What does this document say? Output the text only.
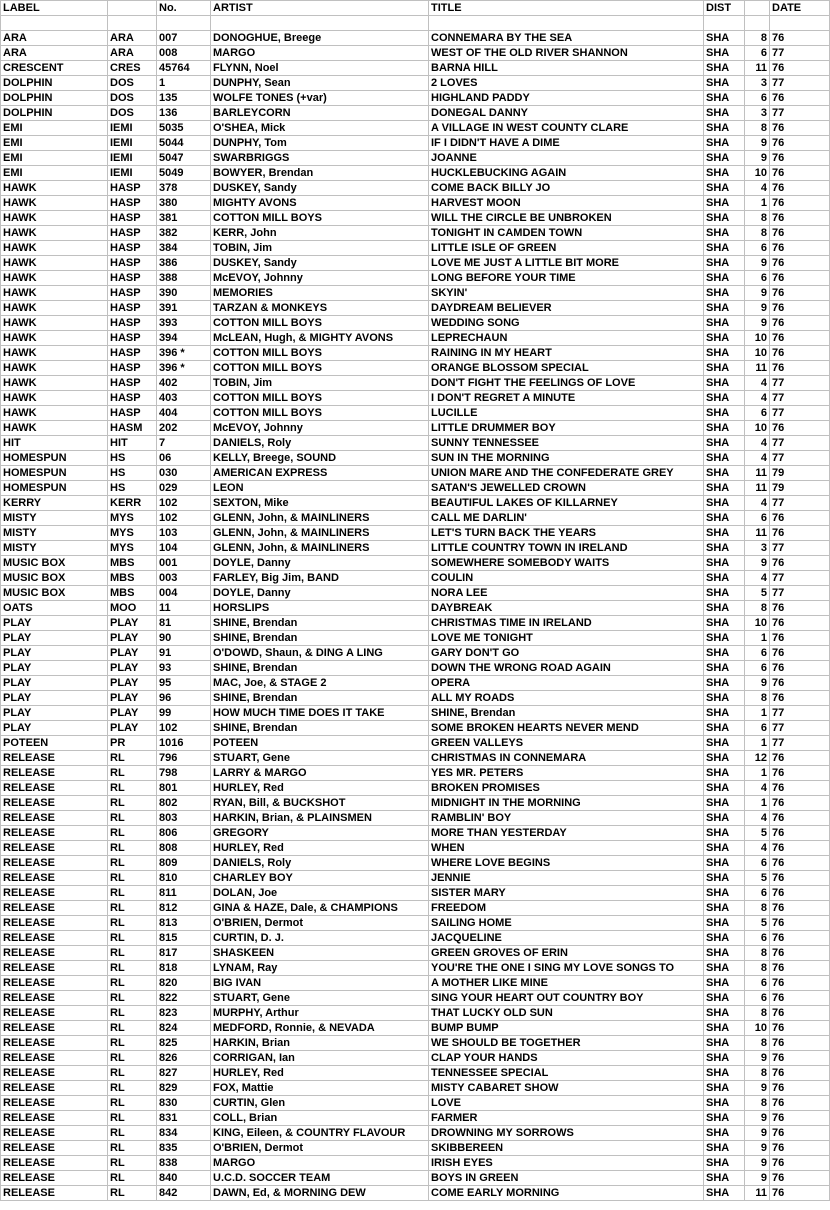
LABEL		No.	ARTIST	TITLE	DIST		DATE

ARA	ARA	007	DONOGHUE, Breege	CONNEMARA BY THE SEA	SHA	8	76
ARA	ARA	008	MARGO	WEST OF THE OLD RIVER SHANNON	SHA	6	77
CRESCENT	CRES	45764	FLYNN, Noel	BARNA HILL	SHA	11	76
DOLPHIN	DOS	1	DUNPHY, Sean	2 LOVES	SHA	3	77
DOLPHIN	DOS	135	WOLFE TONES (+var)	HIGHLAND PADDY	SHA	6	76
DOLPHIN	DOS	136	BARLEYCORN	DONEGAL DANNY	SHA	3	77
EMI	IEMI	5035	O'SHEA, Mick	A VILLAGE IN WEST COUNTY CLARE	SHA	8	76
EMI	IEMI	5044	DUNPHY, Tom	IF I DIDN'T HAVE A DIME	SHA	9	76
EMI	IEMI	5047	SWARBRIGGS	JOANNE	SHA	9	76
EMI	IEMI	5049	BOWYER, Brendan	HUCKLEBUCKING AGAIN	SHA	10	76
HAWK	HASP	378	DUSKEY, Sandy	COME BACK BILLY JO	SHA	4	76
HAWK	HASP	380	MIGHTY AVONS	HARVEST MOON	SHA	1	76
HAWK	HASP	381	COTTON MILL BOYS	WILL THE CIRCLE BE UNBROKEN	SHA	8	76
HAWK	HASP	382	KERR, John	TONIGHT IN CAMDEN TOWN	SHA	8	76
HAWK	HASP	384	TOBIN, Jim	LITTLE ISLE OF GREEN	SHA	6	76
HAWK	HASP	386	DUSKEY, Sandy	LOVE ME JUST A LITTLE BIT MORE	SHA	9	76
HAWK	HASP	388	McEVOY, Johnny	LONG BEFORE YOUR TIME	SHA	6	76
HAWK	HASP	390	MEMORIES	SKYIN'	SHA	9	76
HAWK	HASP	391	TARZAN & MONKEYS	DAYDREAM BELIEVER	SHA	9	76
HAWK	HASP	393	COTTON MILL BOYS	WEDDING SONG	SHA	9	76
HAWK	HASP	394	McLEAN, Hugh, & MIGHTY AVONS	LEPRECHAUN	SHA	10	76
HAWK	HASP	396 *	COTTON MILL BOYS	RAINING IN MY HEART	SHA	10	76
HAWK	HASP	396 *	COTTON MILL BOYS	ORANGE BLOSSOM SPECIAL	SHA	11	76
HAWK	HASP	402	TOBIN, Jim	DON'T FIGHT THE FEELINGS OF LOVE	SHA	4	77
HAWK	HASP	403	COTTON MILL BOYS	I DON'T REGRET A MINUTE	SHA	4	77
HAWK	HASP	404	COTTON MILL BOYS	LUCILLE	SHA	6	77
HAWK	HASM	202	McEVOY, Johnny	LITTLE DRUMMER BOY	SHA	10	76
HIT	HIT	7	DANIELS, Roly	SUNNY TENNESSEE	SHA	4	77
HOMESPUN	HS	06	KELLY, Breege, SOUND	SUN IN THE MORNING	SHA	4	77
HOMESPUN	HS	030	AMERICAN EXPRESS	UNION MARE AND THE CONFEDERATE GREY	SHA	11	79
HOMESPUN	HS	029	LEON	SATAN'S JEWELLED CROWN	SHA	11	79
KERRY	KERR	102	SEXTON, Mike	BEAUTIFUL LAKES OF KILLARNEY	SHA	4	77
MISTY	MYS	102	GLENN, John, & MAINLINERS	CALL ME DARLIN'	SHA	6	76
MISTY	MYS	103	GLENN, John, & MAINLINERS	LET'S TURN BACK THE YEARS	SHA	11	76
MISTY	MYS	104	GLENN, John, & MAINLINERS	LITTLE COUNTRY TOWN IN IRELAND	SHA	3	77
MUSIC BOX	MBS	001	DOYLE, Danny	SOMEWHERE SOMEBODY WAITS	SHA	9	76
MUSIC BOX	MBS	003	FARLEY, Big Jim, BAND	COULIN	SHA	4	77
MUSIC BOX	MBS	004	DOYLE, Danny	NORA LEE	SHA	5	77
OATS	MOO	11	HORSLIPS	DAYBREAK	SHA	8	76
PLAY	PLAY	81	SHINE, Brendan	CHRISTMAS TIME IN IRELAND	SHA	10	76
PLAY	PLAY	90	SHINE, Brendan	LOVE ME TONIGHT	SHA	1	76
PLAY	PLAY	91	O'DOWD, Shaun, & DING A LING	GARY DON'T GO	SHA	6	76
PLAY	PLAY	93	SHINE, Brendan	DOWN THE WRONG ROAD AGAIN	SHA	6	76
PLAY	PLAY	95	MAC, Joe, & STAGE 2	OPERA	SHA	9	76
PLAY	PLAY	96	SHINE, Brendan	ALL MY ROADS	SHA	8	76
PLAY	PLAY	99	HOW MUCH TIME DOES IT TAKE	SHINE, Brendan	SHA	1	77
PLAY	PLAY	102	SHINE, Brendan	SOME BROKEN HEARTS NEVER MEND	SHA	6	77
POTEEN	PR	1016	POTEEN	GREEN VALLEYS	SHA	1	77
RELEASE	RL	796	STUART, Gene	CHRISTMAS IN CONNEMARA	SHA	12	76
RELEASE	RL	798	LARRY & MARGO	YES MR. PETERS	SHA	1	76
RELEASE	RL	801	HURLEY, Red	BROKEN PROMISES	SHA	4	76
RELEASE	RL	802	RYAN, Bill, & BUCKSHOT	MIDNIGHT IN THE MORNING	SHA	1	76
RELEASE	RL	803	HARKIN, Brian, & PLAINSMEN	RAMBLIN' BOY	SHA	4	76
RELEASE	RL	806	GREGORY	MORE THAN YESTERDAY	SHA	5	76
RELEASE	RL	808	HURLEY, Red	WHEN	SHA	4	76
RELEASE	RL	809	DANIELS, Roly	WHERE LOVE BEGINS	SHA	6	76
RELEASE	RL	810	CHARLEY BOY	JENNIE	SHA	5	76
RELEASE	RL	811	DOLAN, Joe	SISTER MARY	SHA	6	76
RELEASE	RL	812	GINA & HAZE, Dale, & CHAMPIONS	FREEDOM	SHA	8	76
RELEASE	RL	813	O'BRIEN, Dermot	SAILING HOME	SHA	5	76
RELEASE	RL	815	CURTIN, D. J.	JACQUELINE	SHA	6	76
RELEASE	RL	817	SHASKEEN	GREEN GROVES OF ERIN	SHA	8	76
RELEASE	RL	818	LYNAM, Ray	YOU'RE THE ONE I SING MY LOVE SONGS TO	SHA	8	76
RELEASE	RL	820	BIG IVAN	A MOTHER LIKE MINE	SHA	6	76
RELEASE	RL	822	STUART, Gene	SING YOUR HEART OUT COUNTRY BOY	SHA	6	76
RELEASE	RL	823	MURPHY, Arthur	THAT LUCKY OLD SUN	SHA	8	76
RELEASE	RL	824	MEDFORD, Ronnie, & NEVADA	BUMP BUMP	SHA	10	76
RELEASE	RL	825	HARKIN, Brian	WE SHOULD BE TOGETHER	SHA	8	76
RELEASE	RL	826	CORRIGAN, Ian	CLAP YOUR HANDS	SHA	9	76
RELEASE	RL	827	HURLEY, Red	TENNESSEE SPECIAL	SHA	8	76
RELEASE	RL	829	FOX, Mattie	MISTY CABARET SHOW	SHA	9	76
RELEASE	RL	830	CURTIN, Glen	LOVE	SHA	8	76
RELEASE	RL	831	COLL, Brian	FARMER	SHA	9	76
RELEASE	RL	834	KING, Eileen, & COUNTRY FLAVOUR	DROWNING MY SORROWS	SHA	9	76
RELEASE	RL	835	O'BRIEN, Dermot	SKIBBEREEN	SHA	9	76
RELEASE	RL	838	MARGO	IRISH EYES	SHA	9	76
RELEASE	RL	840	U.C.D. SOCCER TEAM	BOYS IN GREEN	SHA	9	76
RELEASE	RL	842	DAWN, Ed, & MORNING DEW	COME EARLY MORNING	SHA	11	76
